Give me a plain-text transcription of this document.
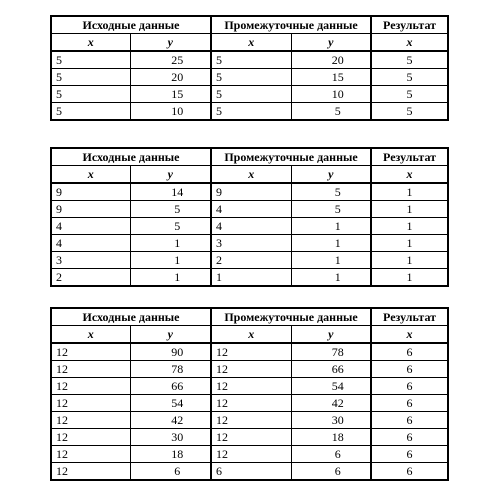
Исходные данные		Промежуточные данные		Результат
x	y	x	y	x
5	25	5	20	5
5	20	5	15	5
5	15	5	10	5
5	10	5	5	5
Исходные данные		Промежуточные данные		Результат
x	y	x	y	x
9	14	9	5	1
9	5	4	5	1
4	5	4	1	1
4	1	3	1	1
3	1	2	1	1
2	1	1	1	1
Исходные данные		Промежуточные данные		Результат
x	y	x	y	x
12	90	12	78	6
12	78	12	66	6
12	66	12	54	6
12	54	12	42	6
12	42	12	30	6
12	30	12	18	6
12	18	12	6	6
12	6	6	6	6
